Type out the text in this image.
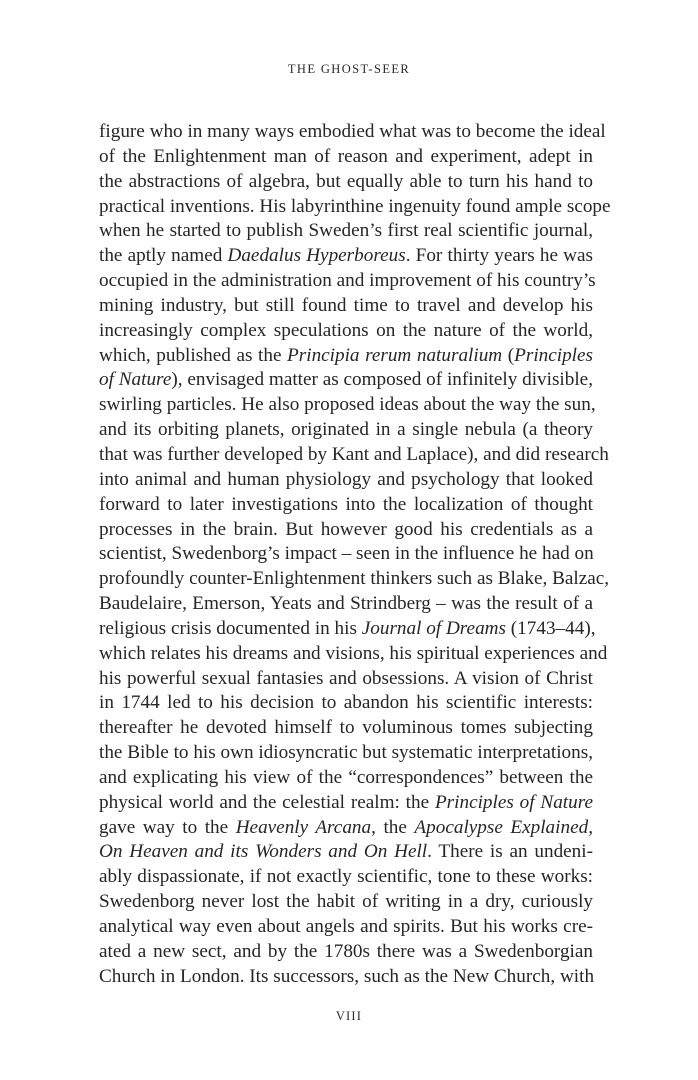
THE GHOST-SEER
figure who in many ways embodied what was to become the ideal
of the Enlightenment man of reason and experiment, adept in
the abstractions of algebra, but equally able to turn his hand to
practical inventions. His labyrinthine ingenuity found ample scope
when he started to publish Sweden’s first real scientific journal,
the aptly named Daedalus Hyperboreus. For thirty years he was
occupied in the administration and improvement of his country’s
mining industry, but still found time to travel and develop his
increasingly complex speculations on the nature of the world,
which, published as the Principia rerum naturalium (Principles
of Nature), envisaged matter as composed of infinitely divisible,
swirling particles. He also proposed ideas about the way the sun,
and its orbiting planets, originated in a single nebula (a theory
that was further developed by Kant and Laplace), and did research
into animal and human physiology and psychology that looked
forward to later investigations into the localization of thought
processes in the brain. But however good his credentials as a
scientist, Swedenborg’s impact – seen in the influence he had on
profoundly counter-Enlightenment thinkers such as Blake, Balzac,
Baudelaire, Emerson, Yeats and Strindberg – was the result of a
religious crisis documented in his Journal of Dreams (1743–44),
which relates his dreams and visions, his spiritual experiences and
his powerful sexual fantasies and obsessions. A vision of Christ
in 1744 led to his decision to abandon his scientific interests:
thereafter he devoted himself to voluminous tomes subjecting
the Bible to his own idiosyncratic but systematic interpretations,
and explicating his view of the “correspondences” between the
physical world and the celestial realm: the Principles of Nature
gave way to the Heavenly Arcana, the Apocalypse Explained,
On Heaven and its Wonders and On Hell. There is an undeni-
ably dispassionate, if not exactly scientific, tone to these works:
Swedenborg never lost the habit of writing in a dry, curiously
analytical way even about angels and spirits. But his works cre-
ated a new sect, and by the 1780s there was a Swedenborgian
Church in London. Its successors, such as the New Church, with
VIII
